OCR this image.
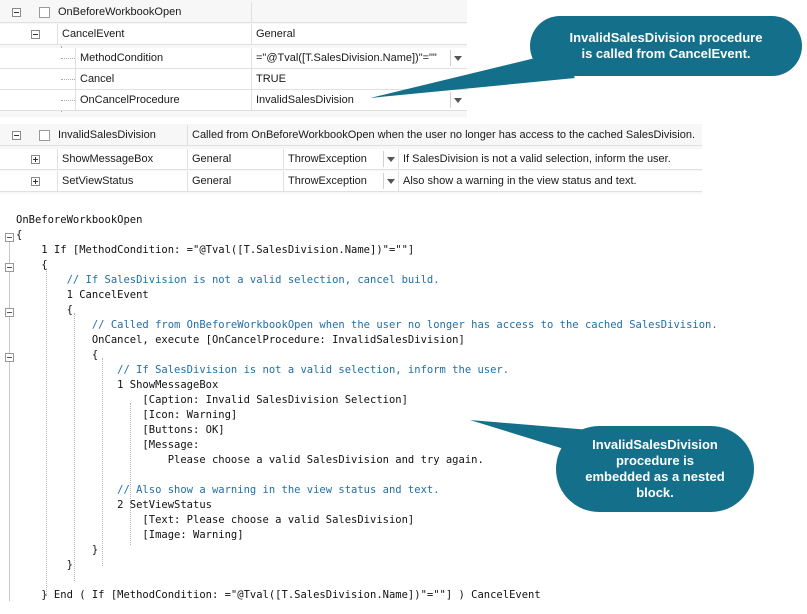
OnBeforeWorkbookOpen
CancelEvent	General
MethodCondition	="@Tval([T.SalesDivision.Name])"=""
Cancel	TRUE
OnCancelProcedure	InvalidSalesDivision
InvalidSalesDivision	Called from OnBeforeWorkbookOpen when the user no longer has access to the cached SalesDivision.
ShowMessageBox	General	ThrowException	If SalesDivision is not a valid selection, inform the user.
SetViewStatus	General	ThrowException	Also show a warning in the view status and text.
OnBeforeWorkbookOpen
{
1 If [MethodCondition: ="@Tval([T.SalesDivision.Name])"=""]
{
// If SalesDivision is not a valid selection, cancel build.
1 CancelEvent
{
// Called from OnBeforeWorkbookOpen when the user no longer has access to the cached SalesDivision.
OnCancel, execute [OnCancelProcedure: InvalidSalesDivision]
{
// If SalesDivision is not a valid selection, inform the user.
1 ShowMessageBox
[Caption: Invalid SalesDivision Selection]
[Icon: Warning]
[Buttons: OK]
[Message:
Please choose a valid SalesDivision and try again.

// Also show a warning in the view status and text.
2 SetViewStatus
[Text: Please choose a valid SalesDivision]
[Image: Warning]
}
}

} End ( If [MethodCondition: ="@Tval([T.SalesDivision.Name])"=""] ) CancelEvent
InvalidSalesDivision procedure is called from CancelEvent.
InvalidSalesDivision procedure is embedded as a nested block.
